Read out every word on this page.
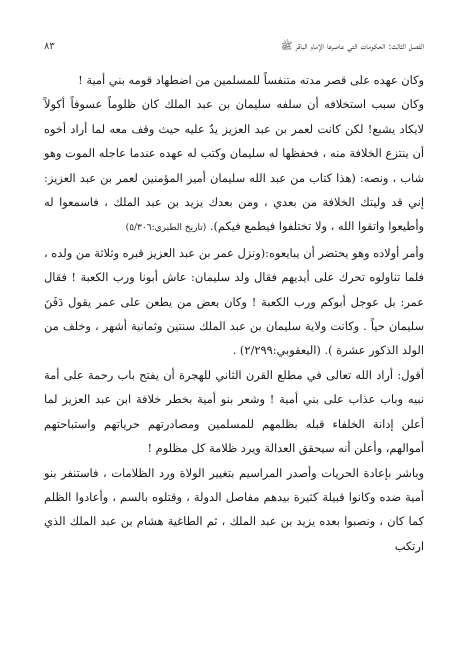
الفصل الثالث: الحكومات التي عاصرها الإمام الباقر ﷺ
٨٣

وكان عهده على قصر مدته متنفساً للمسلمين من اضطهاد قومه بني أمية !

وكان سبب استخلافه أن سلفه سليمان بن عبد الملك كان ظلوماً عسوفاً أكولاً لايكاد يشبع! لكن كانت لعمر بن عبد العزيز يدٌ عليه حيث وقف معه لما أراد أخوه أن ينتزع الخلافة منه ، فحفظها له سليمان وكتب له عهده عندما عاجله الموت وهو شاب ، ونصه: (هذا كتاب من عبد الله سليمان أمير المؤمنين لعمر بن عبد العزيز: إني قد وليتك الخلافة من بعدي ، ومن بعدك يزيد بن عبد الملك ، فاسمعوا له وأطيعوا واتقوا الله ، ولا تختلفوا فيطمع فيكم). (تاريخ الطبري:٥/٣٠٦)

وأمر أولاده وهو يحتضر أن يبايعوه:(ونزل عمر بن عبد العزيز قبره وثلاثة من ولده ، فلما تناولوه تحرك على أيديهم فقال ولد سليمان: عاش أبونا ورب الكعبة ! فقال عمر: بل عوجل أبوكم ورب الكعبة ! وكان بعض من يطعن على عمر يقول دَفَنَ سليمان حياً . وكانت ولاية سليمان بن عبد الملك سنتين وثمانية أشهر ، وخلف من الولد الذكور عشرة ). (اليعقوبي:٢/٢٩٩) .

أقول: أراد الله تعالى في مطلع القرن الثاني للهجرة أن يفتح باب رحمة على أمة نبيه وباب عذاب على بني أمية ! وشعر بنو أمية بخطر خلافة ابن عبد العزيز لما أعلن إدانة الخلفاء قبله بظلمهم للمسلمين ومصادرتهم حرياتهم واستباحتهم أموالهم، وأعلن أنه سيحقق العدالة ويرد ظلامة كل مظلوم !

وباشر بإعادة الحريات وأصدر المراسيم بتغيير الولاة ورد الظلامات ، فاستنفر بنو أمية ضده وكانوا قبيلة كثيرة بيدهم مفاصل الدولة ، وقتلوه بالسم ، وأعادوا الظلم كما كان ، ونصبوا بعده يزيد بن عبد الملك ، ثم الطاغية هشام بن عبد الملك الذي ارتكب
